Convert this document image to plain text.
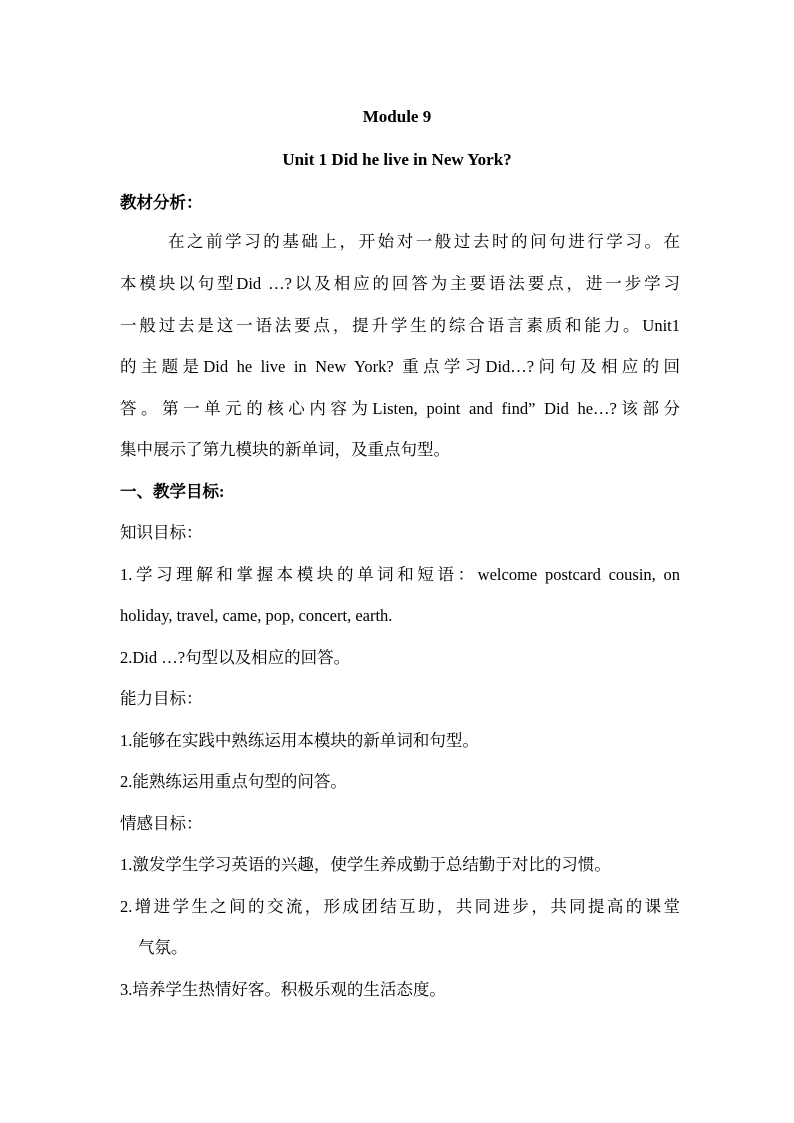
Module 9
Unit 1 Did he live in New York?
教材分析：
在之前学习的基础上，开始对一般过去时的问句进行学习。在
本模块以句型Did …?以及相应的回答为主要语法要点，进一步学习
一般过去是这一语法要点，提升学生的综合语言素质和能力。Unit1
的主题是Did he live in New York? 重点学习Did…?问句及相应的回
答。第一单元的核心内容为Listen, point and find” Did he…?该部分
集中展示了第九模块的新单词，及重点句型。
一、教学目标:
知识目标：
1.学习理解和掌握本模块的单词和短语：welcome postcard cousin, on
holiday, travel, came, pop, concert, earth.
2.Did …?句型以及相应的回答。
能力目标：
1.能够在实践中熟练运用本模块的新单词和句型。
2.能熟练运用重点句型的问答。
情感目标：
1.激发学生学习英语的兴趣，使学生养成勤于总结勤于对比的习惯。
2.增进学生之间的交流，形成团结互助，共同进步，共同提高的课堂
气氛。
3.培养学生热情好客。积极乐观的生活态度。
